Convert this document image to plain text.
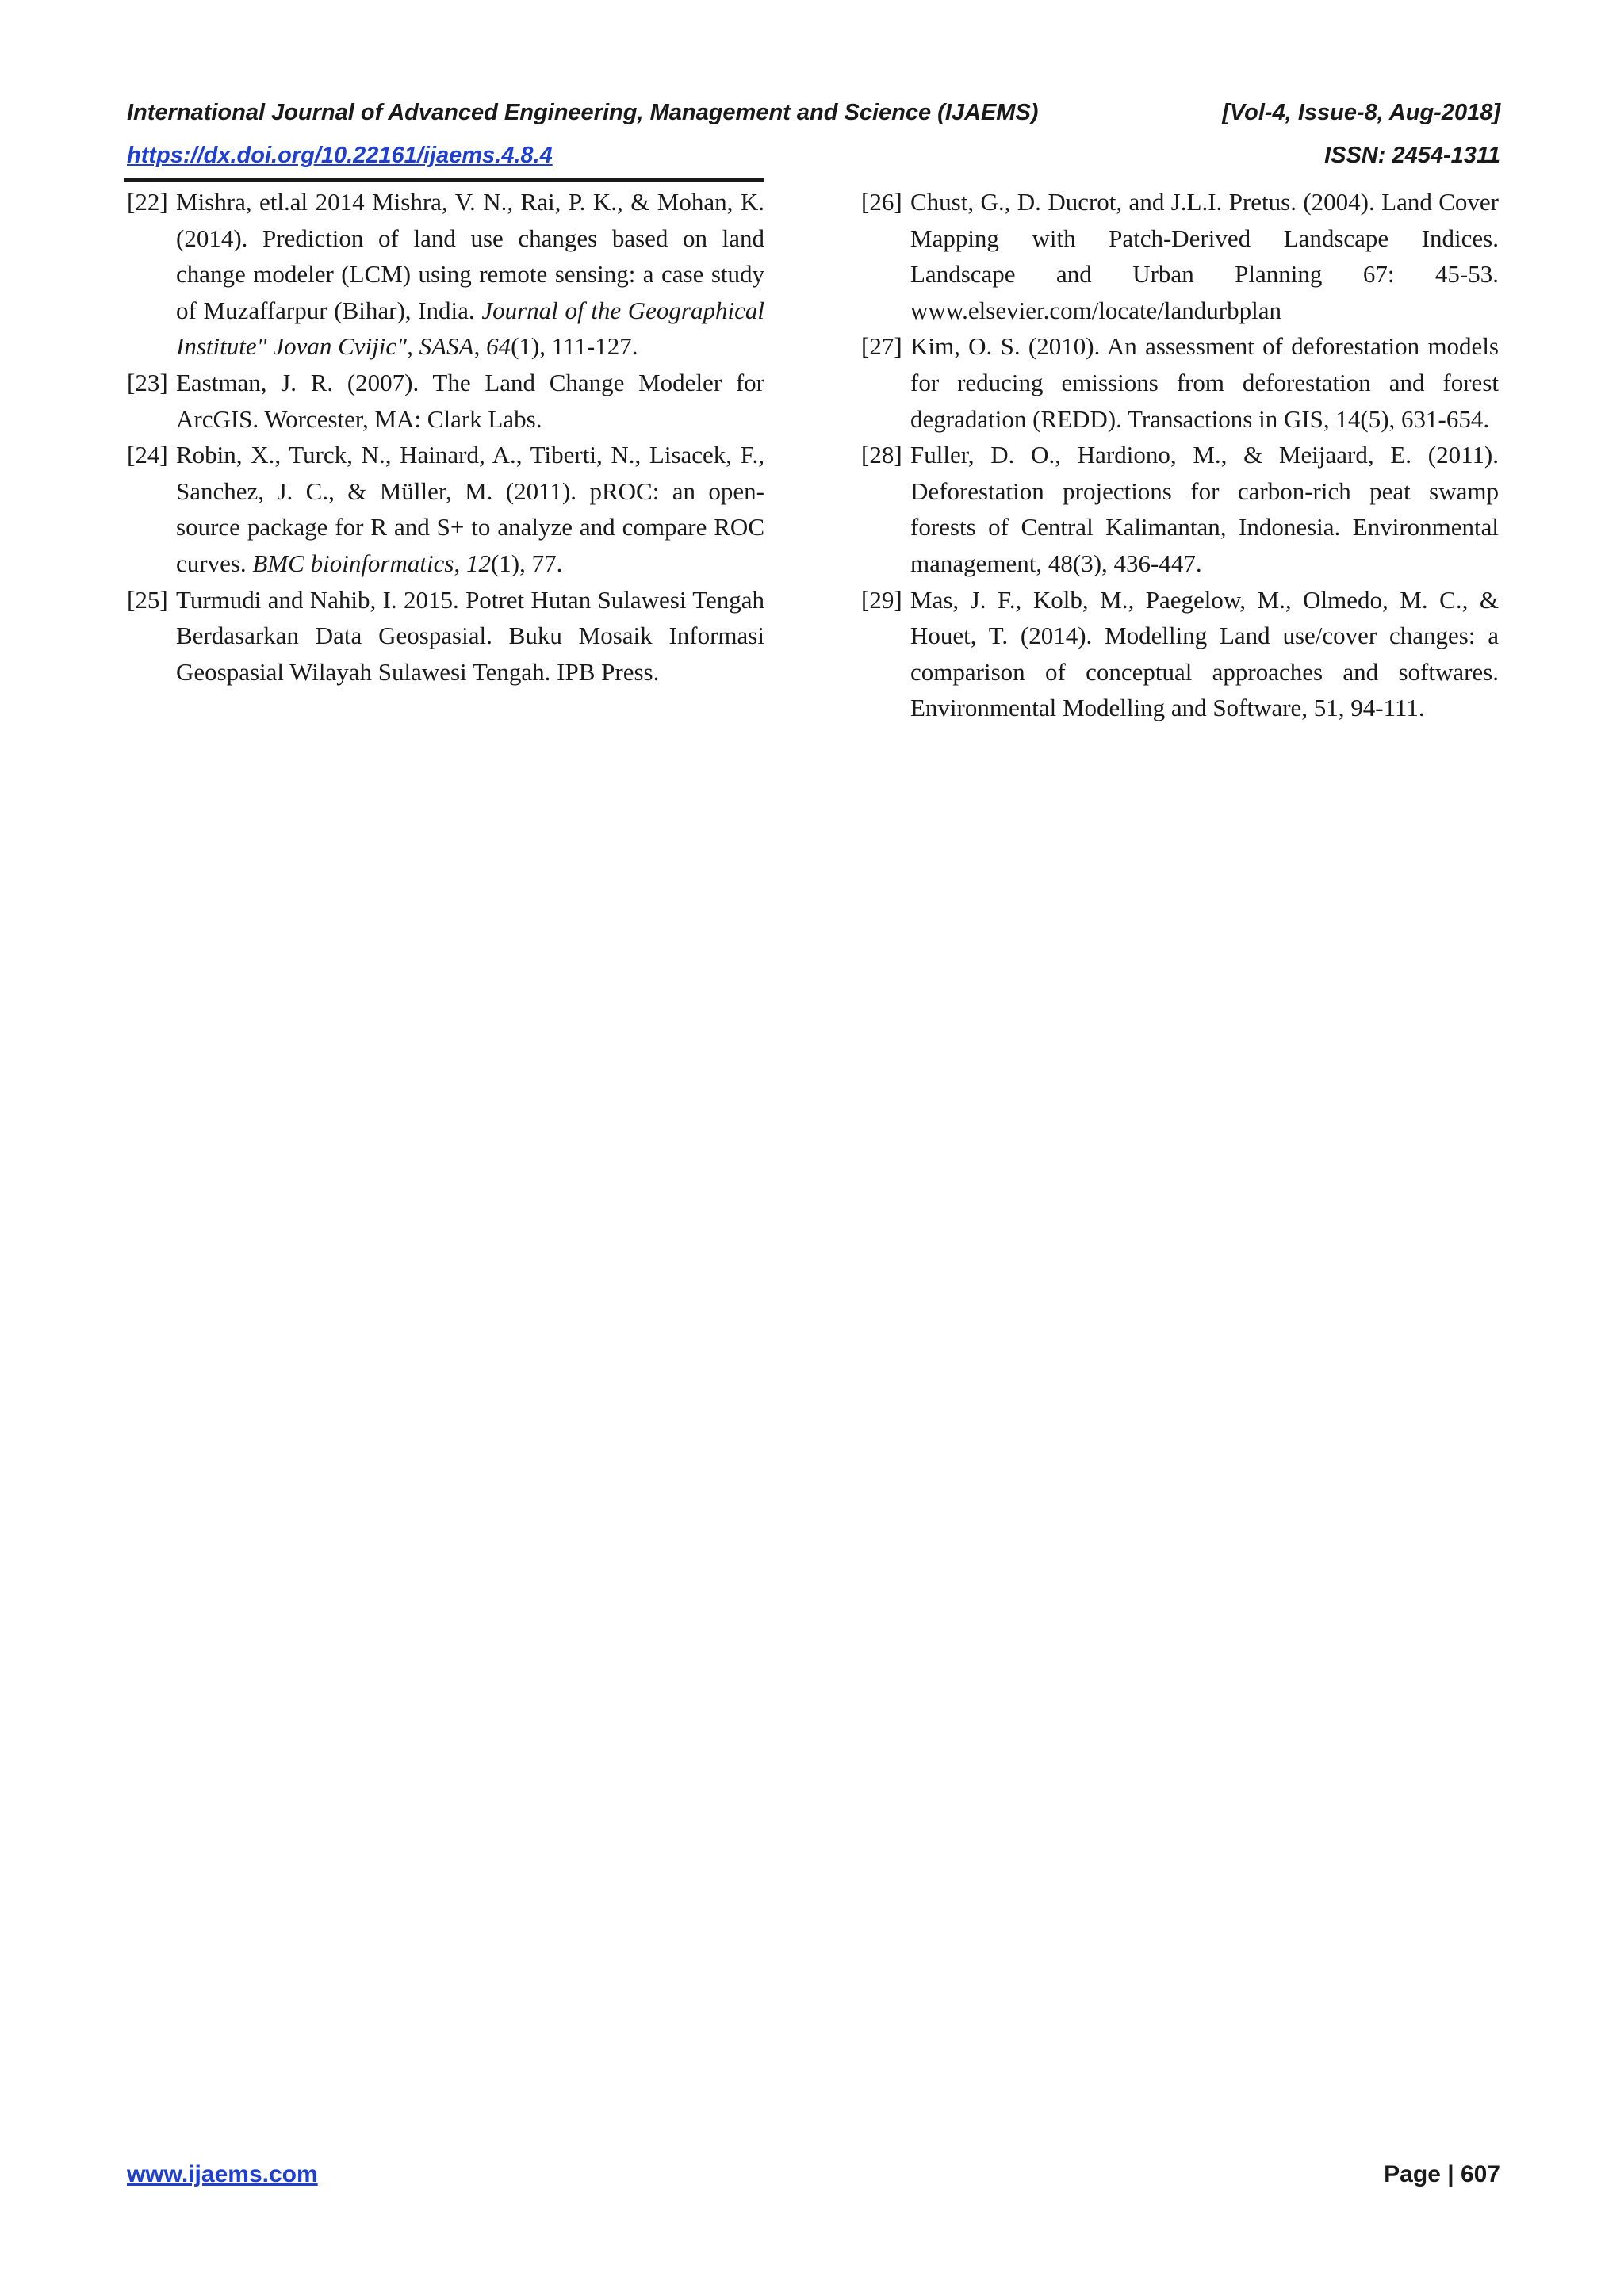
International Journal of Advanced Engineering, Management and Science (IJAEMS)	[Vol-4, Issue-8, Aug-2018]
https://dx.doi.org/10.22161/ijaems.4.8.4	ISSN: 2454-1311
[22] Mishra, etl.al 2014 Mishra, V. N., Rai, P. K., & Mohan, K. (2014). Prediction of land use changes based on land change modeler (LCM) using remote sensing: a case study of Muzaffarpur (Bihar), India. Journal of the Geographical Institute" Jovan Cvijic", SASA, 64(1), 111-127.
[23] Eastman, J. R. (2007). The Land Change Modeler for ArcGIS. Worcester, MA: Clark Labs.
[24] Robin, X., Turck, N., Hainard, A., Tiberti, N., Lisacek, F., Sanchez, J. C., & Müller, M. (2011). pROC: an open-source package for R and S+ to analyze and compare ROC curves. BMC bioinformatics, 12(1), 77.
[25] Turmudi and Nahib, I. 2015. Potret Hutan Sulawesi Tengah Berdasarkan Data Geospasial. Buku Mosaik Informasi Geospasial Wilayah Sulawesi Tengah. IPB Press.
[26] Chust, G., D. Ducrot, and J.L.I. Pretus. (2004). Land Cover Mapping with Patch-Derived Landscape Indices. Landscape and Urban Planning 67: 45-53. www.elsevier.com/locate/landurbplan
[27] Kim, O. S. (2010). An assessment of deforestation models for reducing emissions from deforestation and forest degradation (REDD). Transactions in GIS, 14(5), 631-654.
[28] Fuller, D. O., Hardiono, M., & Meijaard, E. (2011). Deforestation projections for carbon-rich peat swamp forests of Central Kalimantan, Indonesia. Environmental management, 48(3), 436-447.
[29] Mas, J. F., Kolb, M., Paegelow, M., Olmedo, M. C., & Houet, T. (2014). Modelling Land use/cover changes: a comparison of conceptual approaches and softwares. Environmental Modelling and Software, 51, 94-111.
www.ijaems.com	Page | 607
